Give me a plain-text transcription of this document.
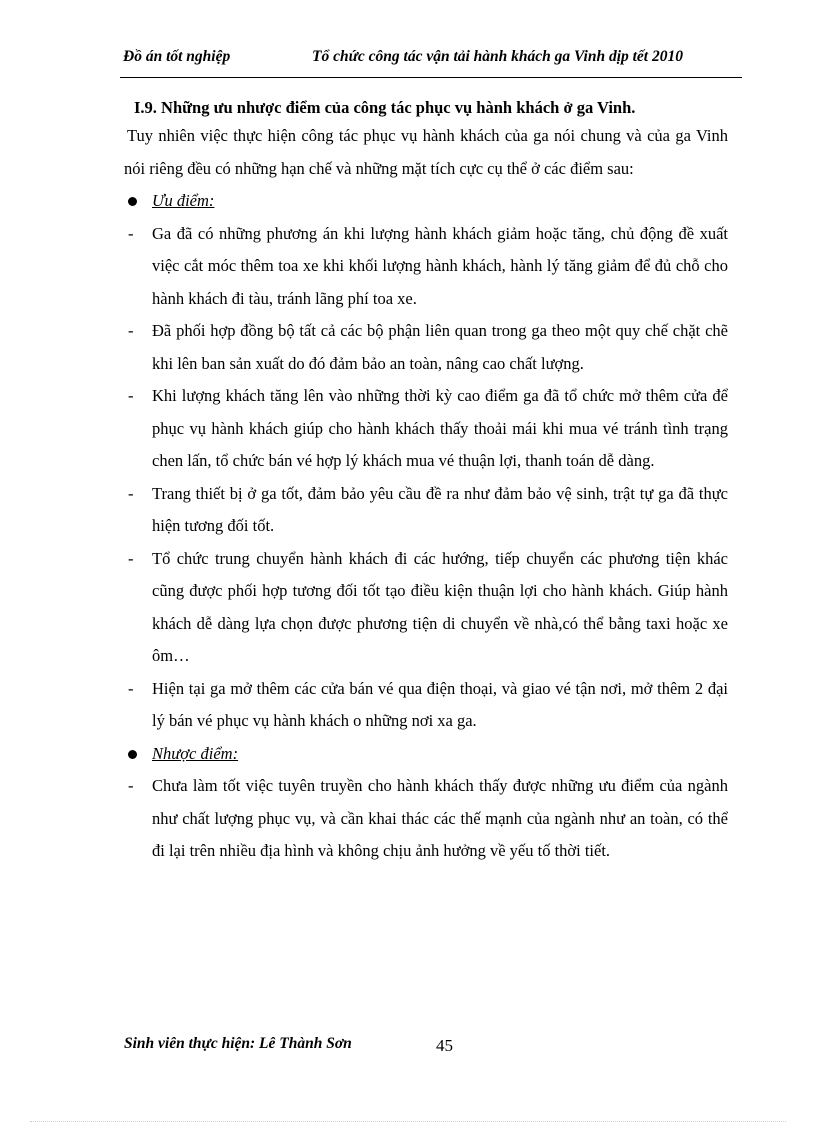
Đồ án tốt nghiệp	Tổ chức công tác vận tải hành khách ga Vinh dịp tết 2010
I.9. Những ưu nhược điểm của công tác phục vụ hành khách ở ga Vinh.

Tuy nhiên việc thực hiện công tác phục vụ hành khách của ga nói chung và của ga Vinh nói riêng đều có những hạn chế và những mặt tích cực cụ thể ở các điểm sau:

Ưu điểm:
- Ga đã có những phương án khi lượng hành khách giảm hoặc tăng, chủ động đề xuất việc cắt móc thêm toa xe khi khối lượng hành khách, hành lý tăng giảm để đủ chỗ cho hành khách đi tàu, tránh lãng phí toa xe.
- Đã phối hợp đồng bộ tất cả các bộ phận liên quan trong ga theo một quy chế chặt chẽ khi lên ban sản xuất do đó đảm bảo an toàn, nâng cao chất lượng.
- Khi lượng khách tăng lên vào những thời kỳ cao điểm ga đã tổ chức mở thêm cửa để phục vụ hành khách giúp cho hành khách thấy thoải mái khi mua vé tránh tình trạng chen lấn, tổ chức bán vé hợp lý khách mua vé thuận lợi, thanh toán dễ dàng.
- Trang thiết bị ở ga tốt, đảm bảo yêu cầu đề ra như đảm bảo vệ sinh, trật tự ga đã thực hiện tương đối tốt.
- Tổ chức trung chuyển hành khách đi các hướng, tiếp chuyển các phương tiện khác cũng được phối hợp tương đối tốt tạo điều kiện thuận lợi cho hành khách. Giúp hành khách dễ dàng lựa chọn được phương tiện di chuyển về nhà,có thể bằng taxi hoặc xe ôm…
- Hiện tại ga mở thêm các cửa bán vé qua điện thoại, và giao vé tận nơi, mở thêm 2 đại lý bán vé phục vụ hành khách o những nơi xa ga.
Nhược điểm:
- Chưa làm tốt việc tuyên truyền cho hành khách thấy được những ưu điểm của ngành như chất lượng phục vụ, và cần khai thác các thế mạnh của ngành như an toàn, có thể đi lại trên nhiều địa hình và không chịu ảnh hưởng về yếu tố thời tiết.
Sinh viên thực hiện: Lê Thành Sơn	45
